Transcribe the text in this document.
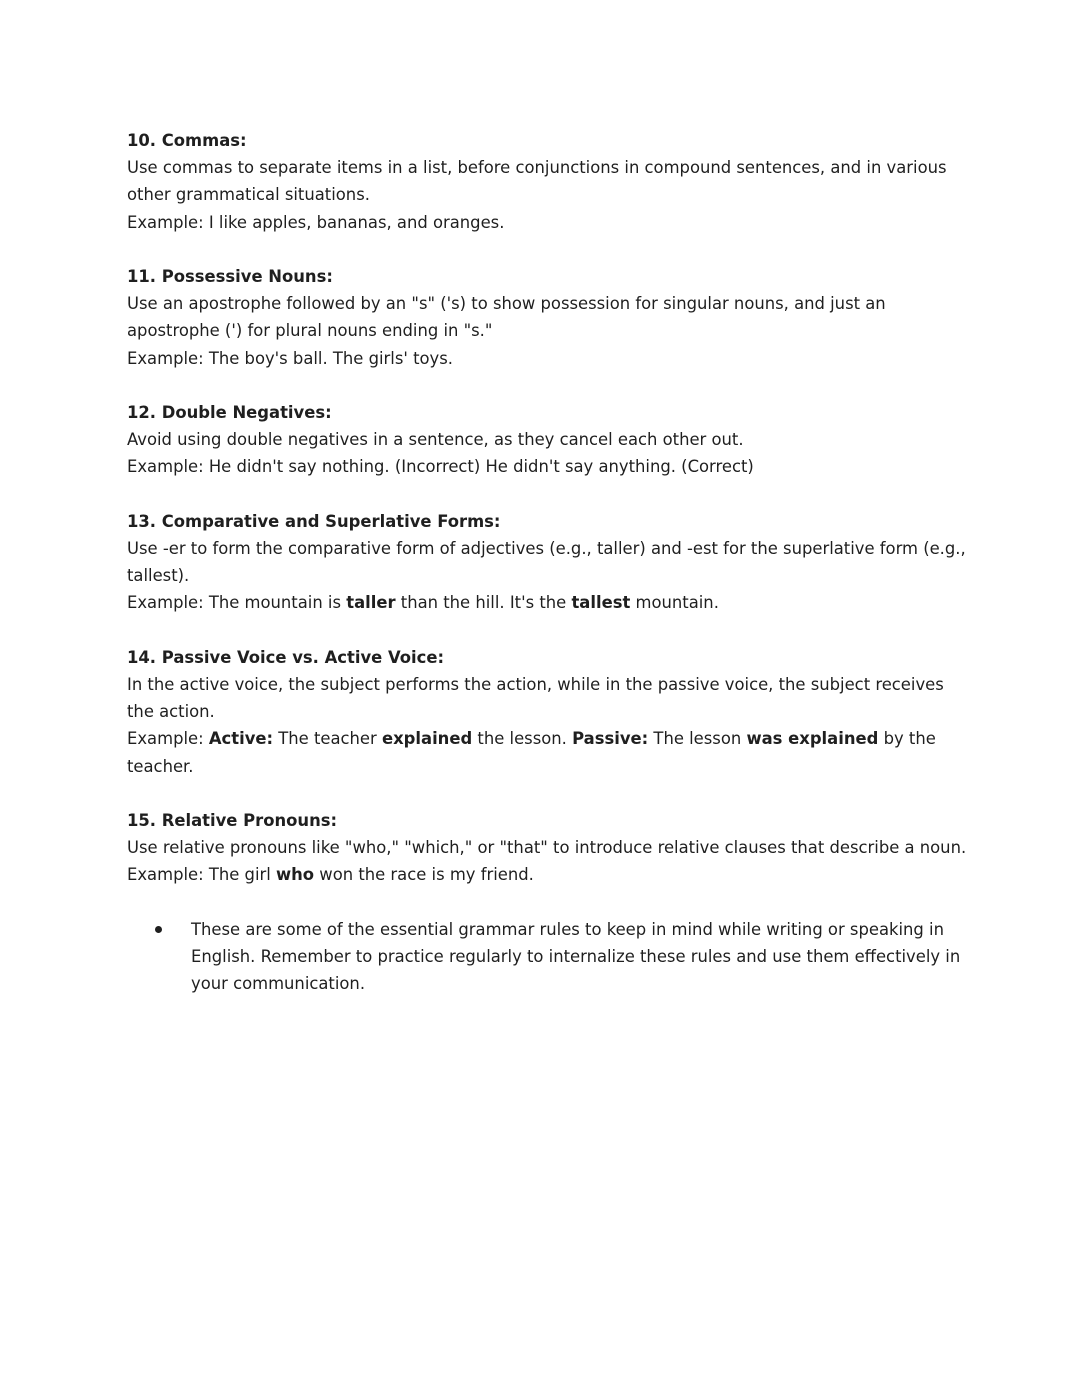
10. Commas:

Use commas to separate items in a list, before conjunctions in compound sentences, and in various other grammatical situations.

Example: I like apples, bananas, and oranges.

11. Possessive Nouns:

Use an apostrophe followed by an "s" ('s) to show possession for singular nouns, and just an apostrophe (') for plural nouns ending in "s."

Example: The boy's ball. The girls' toys.

12. Double Negatives:

Avoid using double negatives in a sentence, as they cancel each other out.

Example: He didn't say nothing. (Incorrect) He didn't say anything. (Correct)

13. Comparative and Superlative Forms:

Use -er to form the comparative form of adjectives (e.g., taller) and -est for the superlative form (e.g., tallest).

Example: The mountain is taller than the hill. It's the tallest mountain.

14. Passive Voice vs. Active Voice:

In the active voice, the subject performs the action, while in the passive voice, the subject receives the action.

Example: Active: The teacher explained the lesson. Passive: The lesson was explained by the teacher.

15. Relative Pronouns:

Use relative pronouns like "who," "which," or "that" to introduce relative clauses that describe a noun.

Example: The girl who won the race is my friend.

These are some of the essential grammar rules to keep in mind while writing or speaking in English. Remember to practice regularly to internalize these rules and use them effectively in your communication.
